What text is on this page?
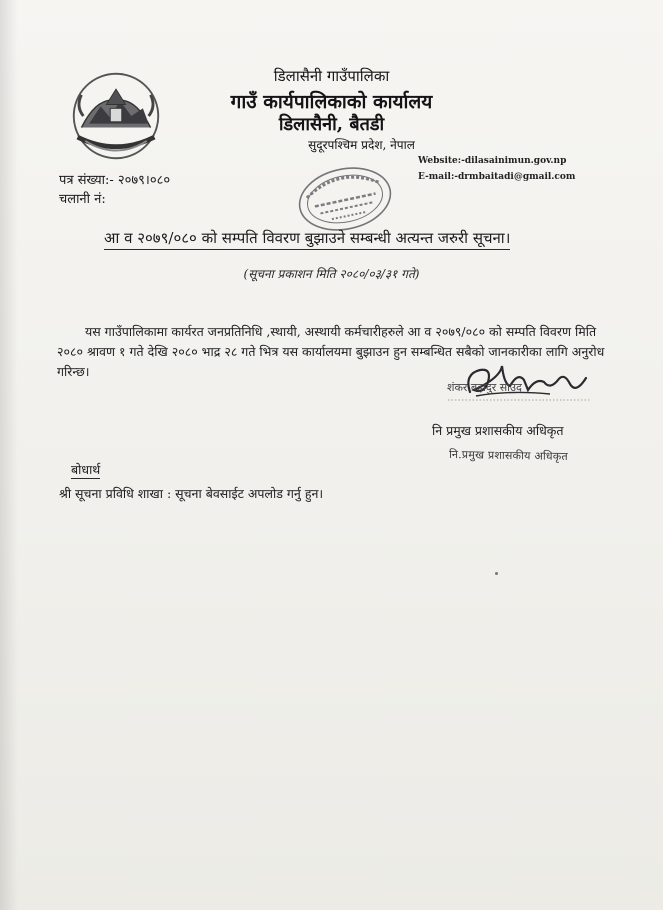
डिलासैनी गाउँपालिका
गाउँ कार्यपालिकाको कार्यालय
डिलासैनी, बैतडी
सुदूरपश्चिम प्रदेश, नेपाल
Website:-dilasainimun.gov.np
E-mail:-drmbaitadi@gmail.com
पत्र संख्या:- २०७९।०८०
चलानी नं:
आ व २०७९/०८० को सम्पति विवरण बुझाउने सम्बन्धी अत्यन्त जरुरी सूचना।
(सूचना प्रकाशन मिति २०८०/०३/३१ गते)

यस गाउँपालिकामा कार्यरत जनप्रतिनिधि ,स्थायी, अस्थायी कर्मचारीहरुले आ व २०७९/०८० को सम्पति विवरण मिति २०८० श्रावण १ गते देखि २०८० भाद्र २८ गते भित्र यस कार्यालयमा बुझाउन हुन सम्बन्धित सबैको जानकारीका लागि अनुरोध गरिन्छ।

शंकर बहादुर साउद
नि प्रमुख प्रशासकीय अधिकृत
नि.प्रमुख प्रशासकीय अधिकृत
बोधार्थ
श्री सूचना प्रविधि शाखा : सूचना बेवसाईट अपलोड गर्नु हुन।
